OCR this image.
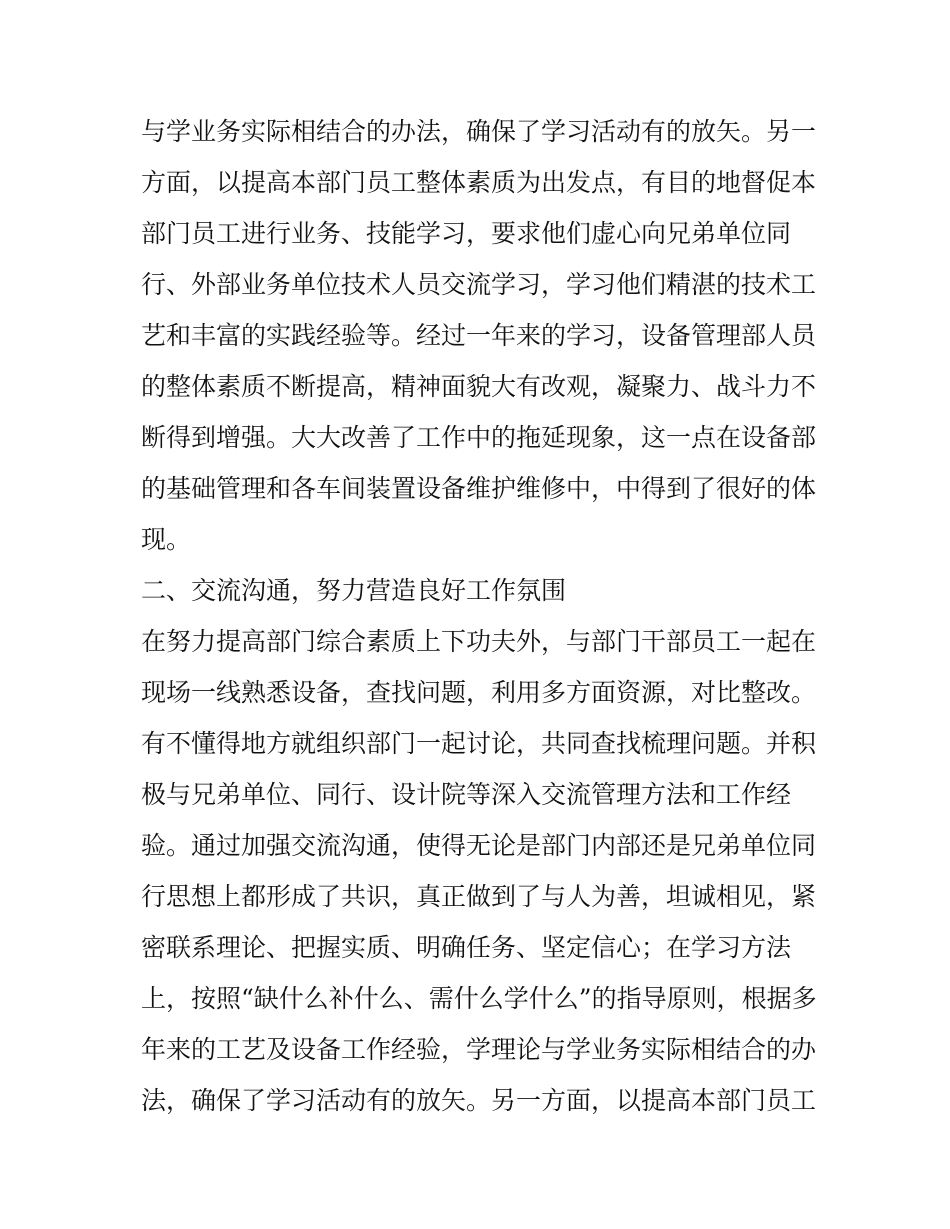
与学业务实际相结合的办法，确保了学习活动有的放矢。另一
方面，以提高本部门员工整体素质为出发点，有目的地督促本
部门员工进行业务、技能学习，要求他们虚心向兄弟单位同
行、外部业务单位技术人员交流学习，学习他们精湛的技术工
艺和丰富的实践经验等。经过一年来的学习，设备管理部人员
的整体素质不断提高，精神面貌大有改观，凝聚力、战斗力不
断得到增强。大大改善了工作中的拖延现象，这一点在设备部
的基础管理和各车间装置设备维护维修中，中得到了很好的体
现。
二、交流沟通，努力营造良好工作氛围
在努力提高部门综合素质上下功夫外，与部门干部员工一起在
现场一线熟悉设备，查找问题，利用多方面资源，对比整改。
有不懂得地方就组织部门一起讨论，共同查找梳理问题。并积
极与兄弟单位、同行、设计院等深入交流管理方法和工作经
验。通过加强交流沟通，使得无论是部门内部还是兄弟单位同
行思想上都形成了共识，真正做到了与人为善，坦诚相见，紧
密联系理论、把握实质、明确任务、坚定信心；在学习方法
上，按照“缺什么补什么、需什么学什么”的指导原则，根据多
年来的工艺及设备工作经验，学理论与学业务实际相结合的办
法，确保了学习活动有的放矢。另一方面，以提高本部门员工
